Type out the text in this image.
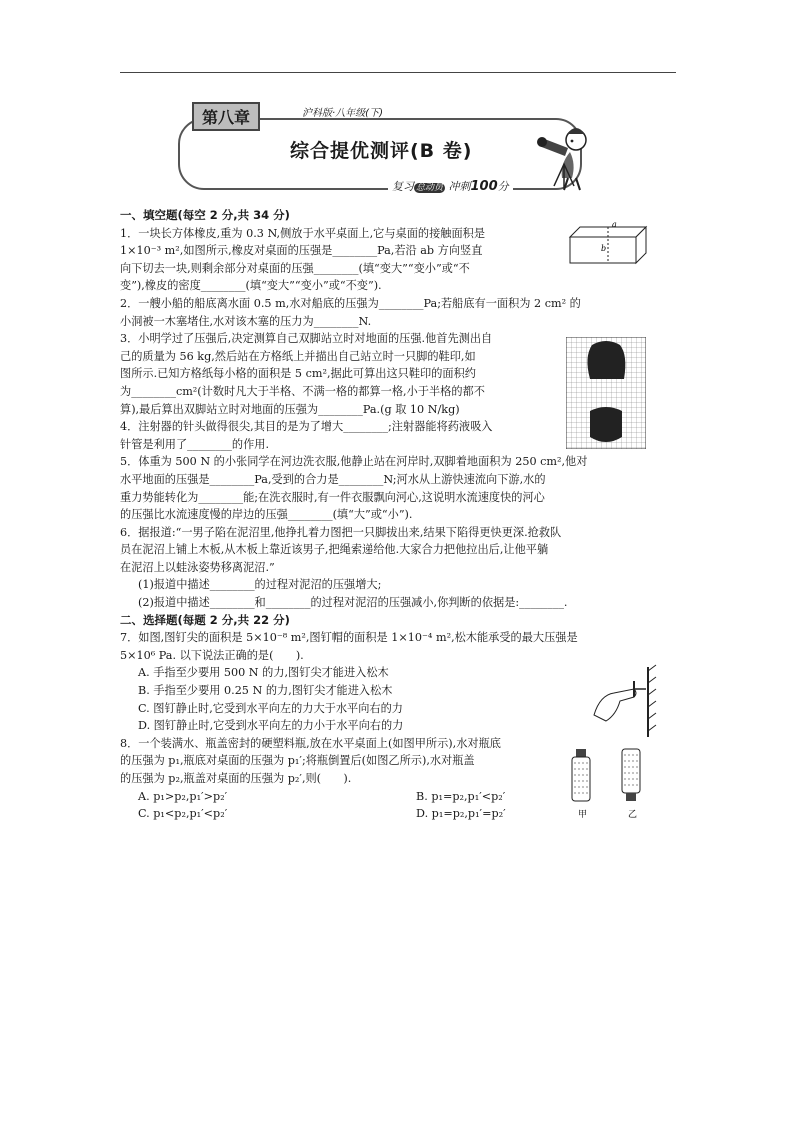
第八章	沪科版·八年级(下)
综合提优测评(B 卷)
复习 总动员 冲刺100分
一、填空题(每空 2 分,共 34 分)
1．一块长方体橡皮,重为 0.3 N,侧放于水平桌面上,它与桌面的接触面积是
1×10⁻³ m²,如图所示,橡皮对桌面的压强是________Pa,若沿 ab 方向竖直
向下切去一块,则剩余部分对桌面的压强________(填“变大”“变小”或“不
变”),橡皮的密度________(填“变大”“变小”或“不变”).
a
b
2．一艘小船的船底离水面 0.5 m,水对船底的压强为________Pa;若船底有一面积为 2 cm² 的
小洞被一木塞堵住,水对该木塞的压力为________N.
3．小明学过了压强后,决定测算自己双脚站立时对地面的压强.他首先测出自
己的质量为 56 kg,然后站在方格纸上并描出自己站立时一只脚的鞋印,如
图所示.已知方格纸每小格的面积是 5 cm²,据此可算出这只鞋印的面积约
为________cm²(计数时凡大于半格、不满一格的都算一格,小于半格的都不
算),最后算出双脚站立时对地面的压强为________Pa.(g 取 10 N/kg)
4．注射器的针头做得很尖,其目的是为了增大________;注射器能将药液吸入
针管是利用了________的作用.
5．体重为 500 N 的小张同学在河边洗衣服,他静止站在河岸时,双脚着地面积为 250 cm²,他对
水平地面的压强是________Pa,受到的合力是________N;河水从上游快速流向下游,水的
重力势能转化为________能;在洗衣服时,有一件衣服飘向河心,这说明水流速度快的河心
的压强比水流速度慢的岸边的压强________(填“大”或“小”).
6．据报道:“一男子陷在泥沼里,他挣扎着力图把一只脚拔出来,结果下陷得更快更深.抢救队
员在泥沼上铺上木板,从木板上靠近该男子,把绳索递给他.大家合力把他拉出后,让他平躺
在泥沼上以蛙泳姿势移离泥沼.”
(1)报道中描述________的过程对泥沼的压强增大;
(2)报道中描述________和________的过程对泥沼的压强减小,你判断的依据是:________.
二、选择题(每题 2 分,共 22 分)
7．如图,图钉尖的面积是 5×10⁻⁸ m²,图钉帽的面积是 1×10⁻⁴ m²,松木能承受的最大压强是
5×10⁶ Pa. 以下说法正确的是(　　).
A. 手指至少要用 500 N 的力,图钉尖才能进入松木
B. 手指至少要用 0.25 N 的力,图钉尖才能进入松木
C. 图钉静止时,它受到水平向左的力大于水平向右的力
D. 图钉静止时,它受到水平向左的力小于水平向右的力
8．一个装满水、瓶盖密封的硬塑料瓶,放在水平桌面上(如图甲所示),水对瓶底
的压强为 p₁,瓶底对桌面的压强为 p₁′;将瓶倒置后(如图乙所示),水对瓶盖
的压强为 p₂,瓶盖对桌面的压强为 p₂′,则(　　).
A. p₁>p₂,p₁′>p₂′	B. p₁=p₂,p₁′<p₂′
C. p₁<p₂,p₁′<p₂′	D. p₁=p₂,p₁′=p₂′	甲	乙
